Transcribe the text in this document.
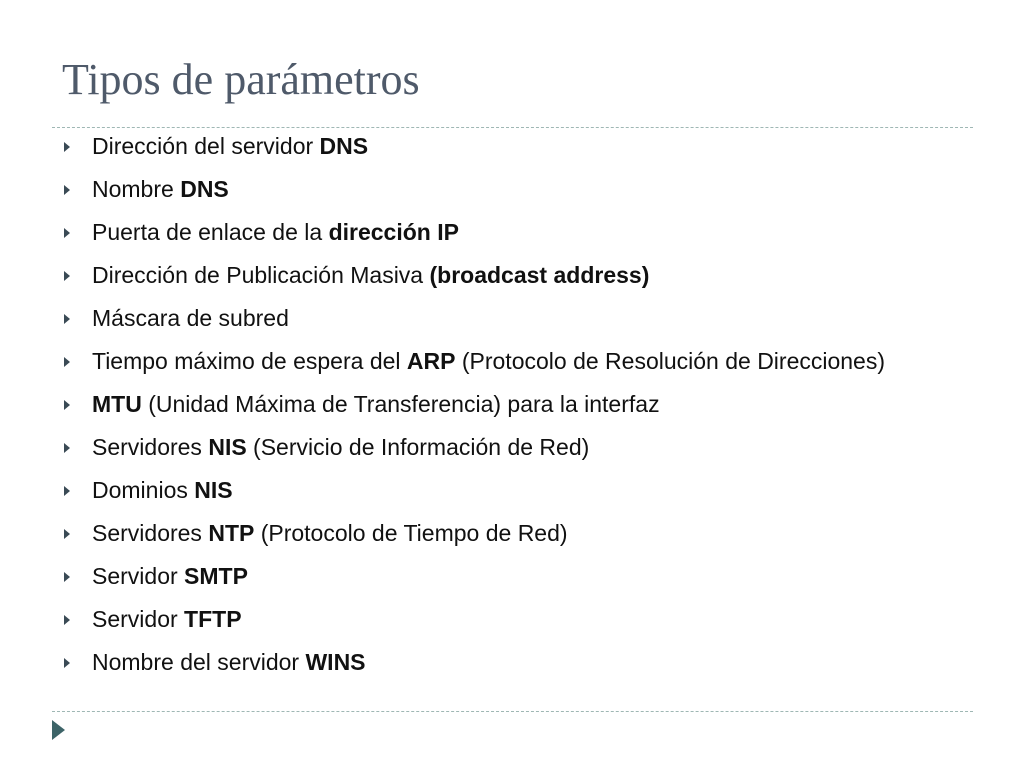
Tipos de parámetros
Dirección del servidor DNS
Nombre DNS
Puerta de enlace de la dirección IP
Dirección de Publicación Masiva (broadcast address)
Máscara de subred
Tiempo máximo de espera del ARP (Protocolo de Resolución de Direcciones)
MTU (Unidad Máxima de Transferencia) para la interfaz
Servidores NIS (Servicio de Información de Red)
Dominios NIS
Servidores NTP (Protocolo de Tiempo de Red)
Servidor SMTP
Servidor TFTP
Nombre del servidor WINS
